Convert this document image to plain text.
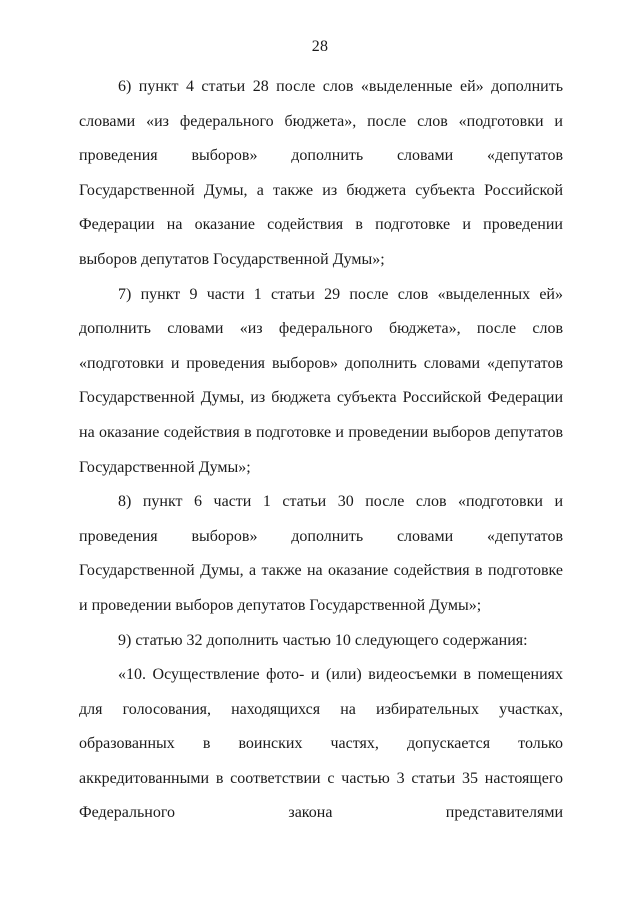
28

6) пункт 4 статьи 28 после слов «выделенные ей» дополнить словами «из федерального бюджета», после слов «подготовки и проведения выборов» дополнить словами «депутатов Государственной Думы, а также из бюджета субъекта Российской Федерации на оказание содействия в подготовке и проведении выборов депутатов Государственной Думы»;

7) пункт 9 части 1 статьи 29 после слов «выделенных ей» дополнить словами «из федерального бюджета», после слов «подготовки и проведения выборов» дополнить словами «депутатов Государственной Думы, из бюджета субъекта Российской Федерации на оказание содействия в подготовке и проведении выборов депутатов Государственной Думы»;

8) пункт 6 части 1 статьи 30 после слов «подготовки и проведения выборов» дополнить словами «депутатов Государственной Думы, а также на оказание содействия в подготовке и проведении выборов депутатов Государственной Думы»;

9) статью 32 дополнить частью 10 следующего содержания:

«10. Осуществление фото- и (или) видеосъемки в помещениях для голосования, находящихся на избирательных участках, образованных в воинских частях, допускается только аккредитованными в соответствии с частью 3 статьи 35 настоящего Федерального закона представителями
